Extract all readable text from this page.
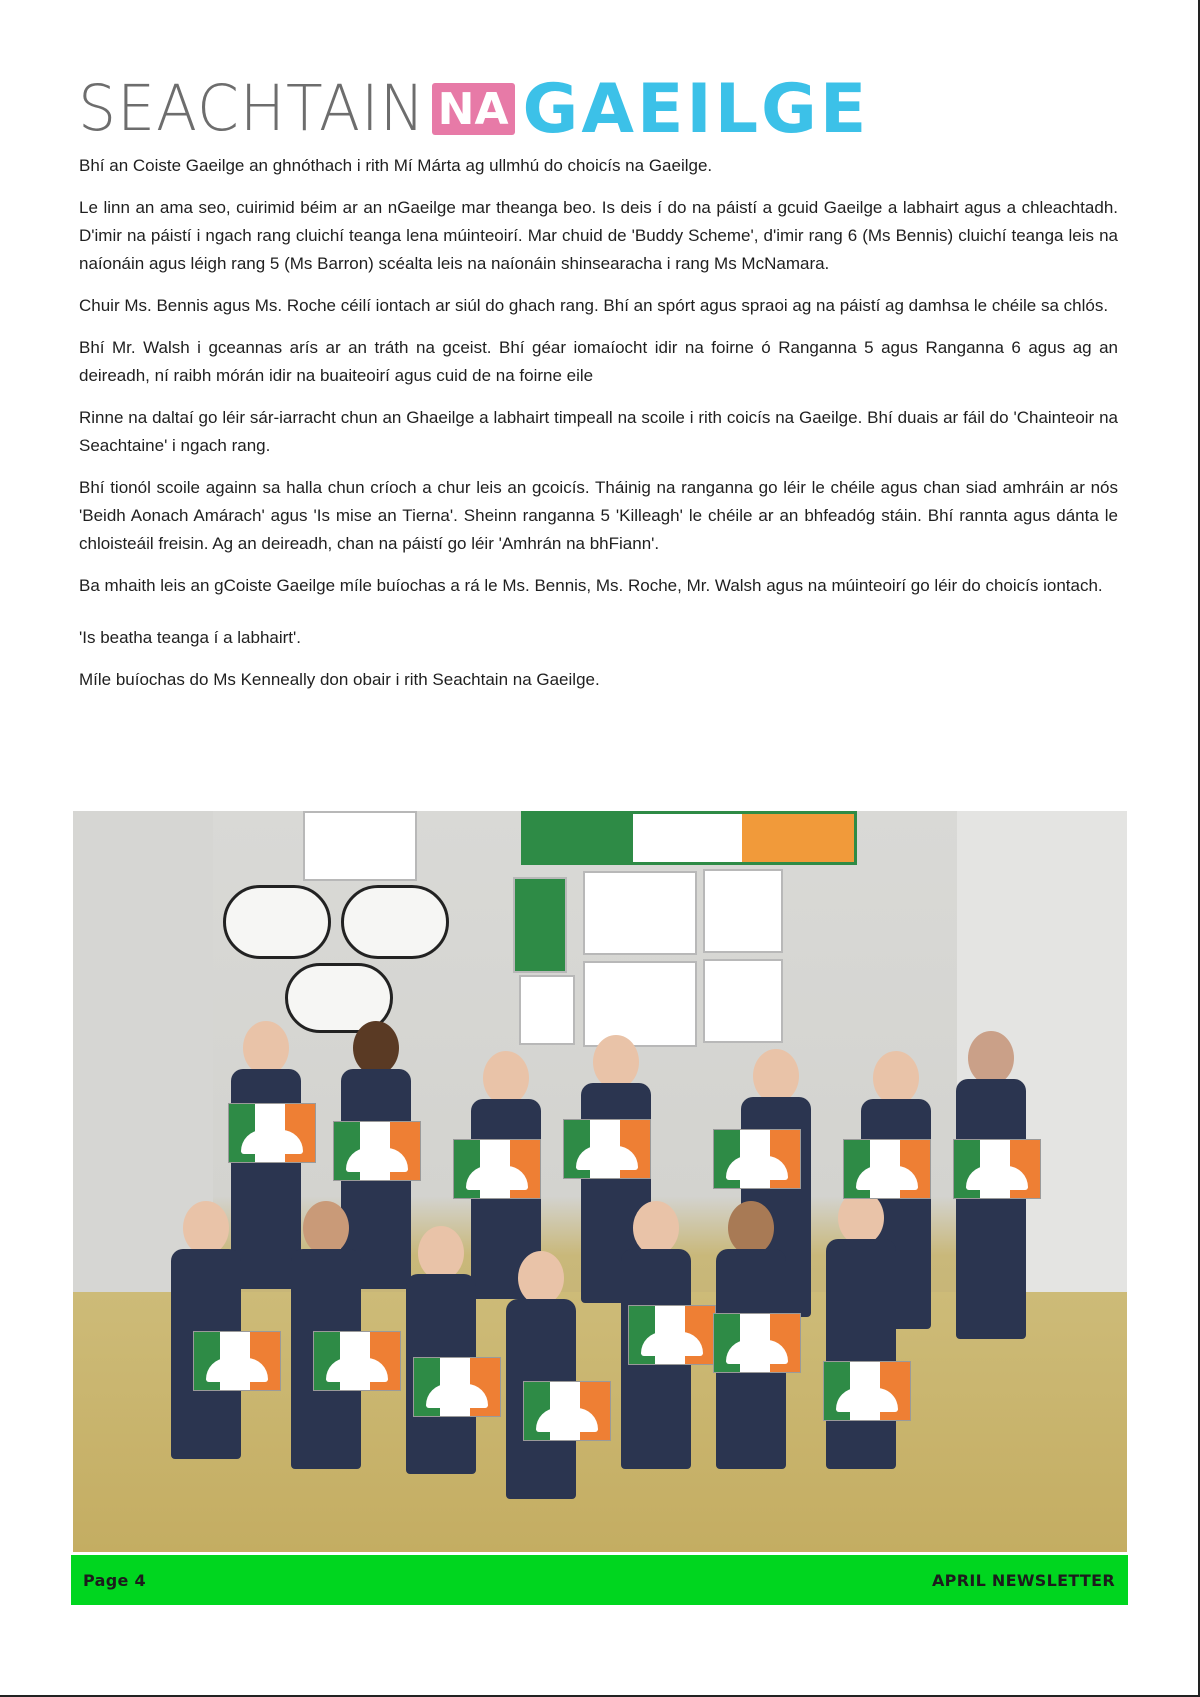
SEACHTAIN NA GAEILGE

Bhí an Coiste Gaeilge an ghnóthach i rith Mí Márta ag ullmhú do choicís na Gaeilge.

Le linn an ama seo, cuirimid béim ar an nGaeilge mar theanga beo. Is deis í do na páistí a gcuid Gaeilge a labhairt agus a chleachtadh. D'imir na páistí i ngach rang cluichí teanga lena múinteoirí. Mar chuid de 'Buddy Scheme', d'imir rang 6 (Ms Bennis) cluichí teanga leis na naíonáin agus léigh rang 5 (Ms Barron) scéalta leis na naíonáin shinsearacha i rang Ms McNamara.

Chuir Ms. Bennis agus Ms. Roche céilí iontach ar siúl do ghach rang. Bhí an spórt agus spraoi ag na páistí ag damhsa le chéile sa chlós.

Bhí Mr. Walsh i gceannas arís ar an tráth na gceist. Bhí géar iomaíocht idir na foirne ó Ranganna 5 agus Ranganna 6 agus ag an deireadh, ní raibh mórán idir na buaiteoirí agus cuid de na foirne eile

Rinne na daltaí go léir sár-iarracht chun an Ghaeilge a labhairt timpeall na scoile i rith coicís na Gaeilge. Bhí duais ar fáil do 'Chainteoir na Seachtaine' i ngach rang.

Bhí tionól scoile againn sa halla chun críoch a chur leis an gcoicís. Tháinig na ranganna go léir le chéile agus chan siad amhráin ar nós 'Beidh Aonach Amárach' agus 'Is mise an Tierna'. Sheinn ranganna 5 'Killeagh' le chéile ar an bhfeadóg stáin. Bhí rannta agus dánta le chloisteáil freisin. Ag an deireadh, chan na páistí go léir 'Amhrán na bhFiann'.

Ba mhaith leis an gCoiste Gaeilge míle buíochas a rá le Ms. Bennis, Ms. Roche, Mr. Walsh agus na múinteoirí go léir do choicís iontach.

'Is beatha teanga í a labhairt'.

Míle buíochas do Ms Kenneally don obair i rith Seachtain na Gaeilge.

Page 4	APRIL NEWSLETTER
